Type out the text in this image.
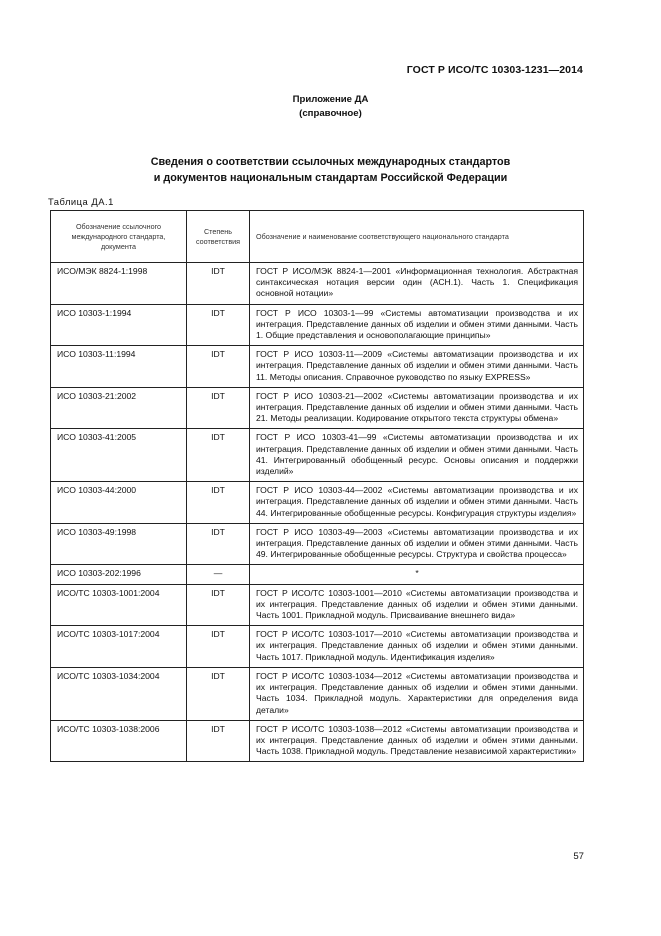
ГОСТ Р ИСО/ТС 10303-1231—2014
Приложение ДА
(справочное)
Сведения о соответствии ссылочных международных стандартов
и документов национальным стандартам Российской Федерации
Таблица ДА.1
Обозначение ссылочного международного стандарта, документа	Степень соответствия	Обозначение и наименование соответствующего национального стандарта
ИСО/МЭК 8824-1:1998	IDT	ГОСТ Р ИСО/МЭК 8824-1—2001 «Информационная технология. Абстрактная синтаксическая нотация версии один (АСН.1). Часть 1. Спецификация основной нотации»
ИСО 10303-1:1994	IDT	ГОСТ Р ИСО 10303-1—99 «Системы автоматизации производства и их интеграция. Представление данных об изделии и обмен этими данными. Часть 1. Общие представления и основополагающие принципы»
ИСО 10303-11:1994	IDT	ГОСТ Р ИСО 10303-11—2009 «Системы автоматизации производства и их интеграция. Представление данных об изделии и обмен этими данными. Часть 11. Методы описания. Справочное руководство по языку EXPRESS»
ИСО 10303-21:2002	IDT	ГОСТ Р ИСО 10303-21—2002 «Системы автоматизации производства и их интеграция. Представление данных об изделии и обмен этими данными. Часть 21. Методы реализации. Кодирование открытого текста структуры обмена»
ИСО 10303-41:2005	IDT	ГОСТ Р ИСО 10303-41—99 «Системы автоматизации производства и их интеграция. Представление данных об изделии и обмен этими данными. Часть 41. Интегрированный обобщенный ресурс. Основы описания и поддержки изделий»
ИСО 10303-44:2000	IDT	ГОСТ Р ИСО 10303-44—2002 «Системы автоматизации производства и их интеграция. Представление данных об изделии и обмен этими данными. Часть 44. Интегрированные обобщенные ресурсы. Конфигурация структуры изделия»
ИСО 10303-49:1998	IDT	ГОСТ Р ИСО 10303-49—2003 «Системы автоматизации производства и их интеграция. Представление данных об изделии и обмен этими данными. Часть 49. Интегрированные обобщенные ресурсы. Структура и свойства процесса»
ИСО 10303-202:1996	—	*

ИСО/ТС 10303-1001:2004	IDT	ГОСТ Р ИСО/ТС 10303-1001—2010 «Системы автоматизации производства и их интеграция. Представление данных об изделии и обмен этими данными. Часть 1001. Прикладной модуль. Присваивание внешнего вида»
ИСО/ТС 10303-1017:2004	IDT	ГОСТ Р ИСО/ТС 10303-1017—2010 «Системы автоматизации производства и их интеграция. Представление данных об изделии и обмен этими данными. Часть 1017. Прикладной модуль. Идентификация изделия»
ИСО/ТС 10303-1034:2004	IDT	ГОСТ Р ИСО/ТС 10303-1034—2012 «Системы автоматизации производства и их интеграция. Представление данных об изделии и обмен этими данными. Часть 1034. Прикладной модуль. Характеристики для определения вида детали»
ИСО/ТС 10303-1038:2006	IDT	ГОСТ Р ИСО/ТС 10303-1038—2012 «Системы автоматизации производства и их интеграция. Представление данных об изделии и обмен этими данными. Часть 1038. Прикладной модуль. Представление независимой характеристики»
57
